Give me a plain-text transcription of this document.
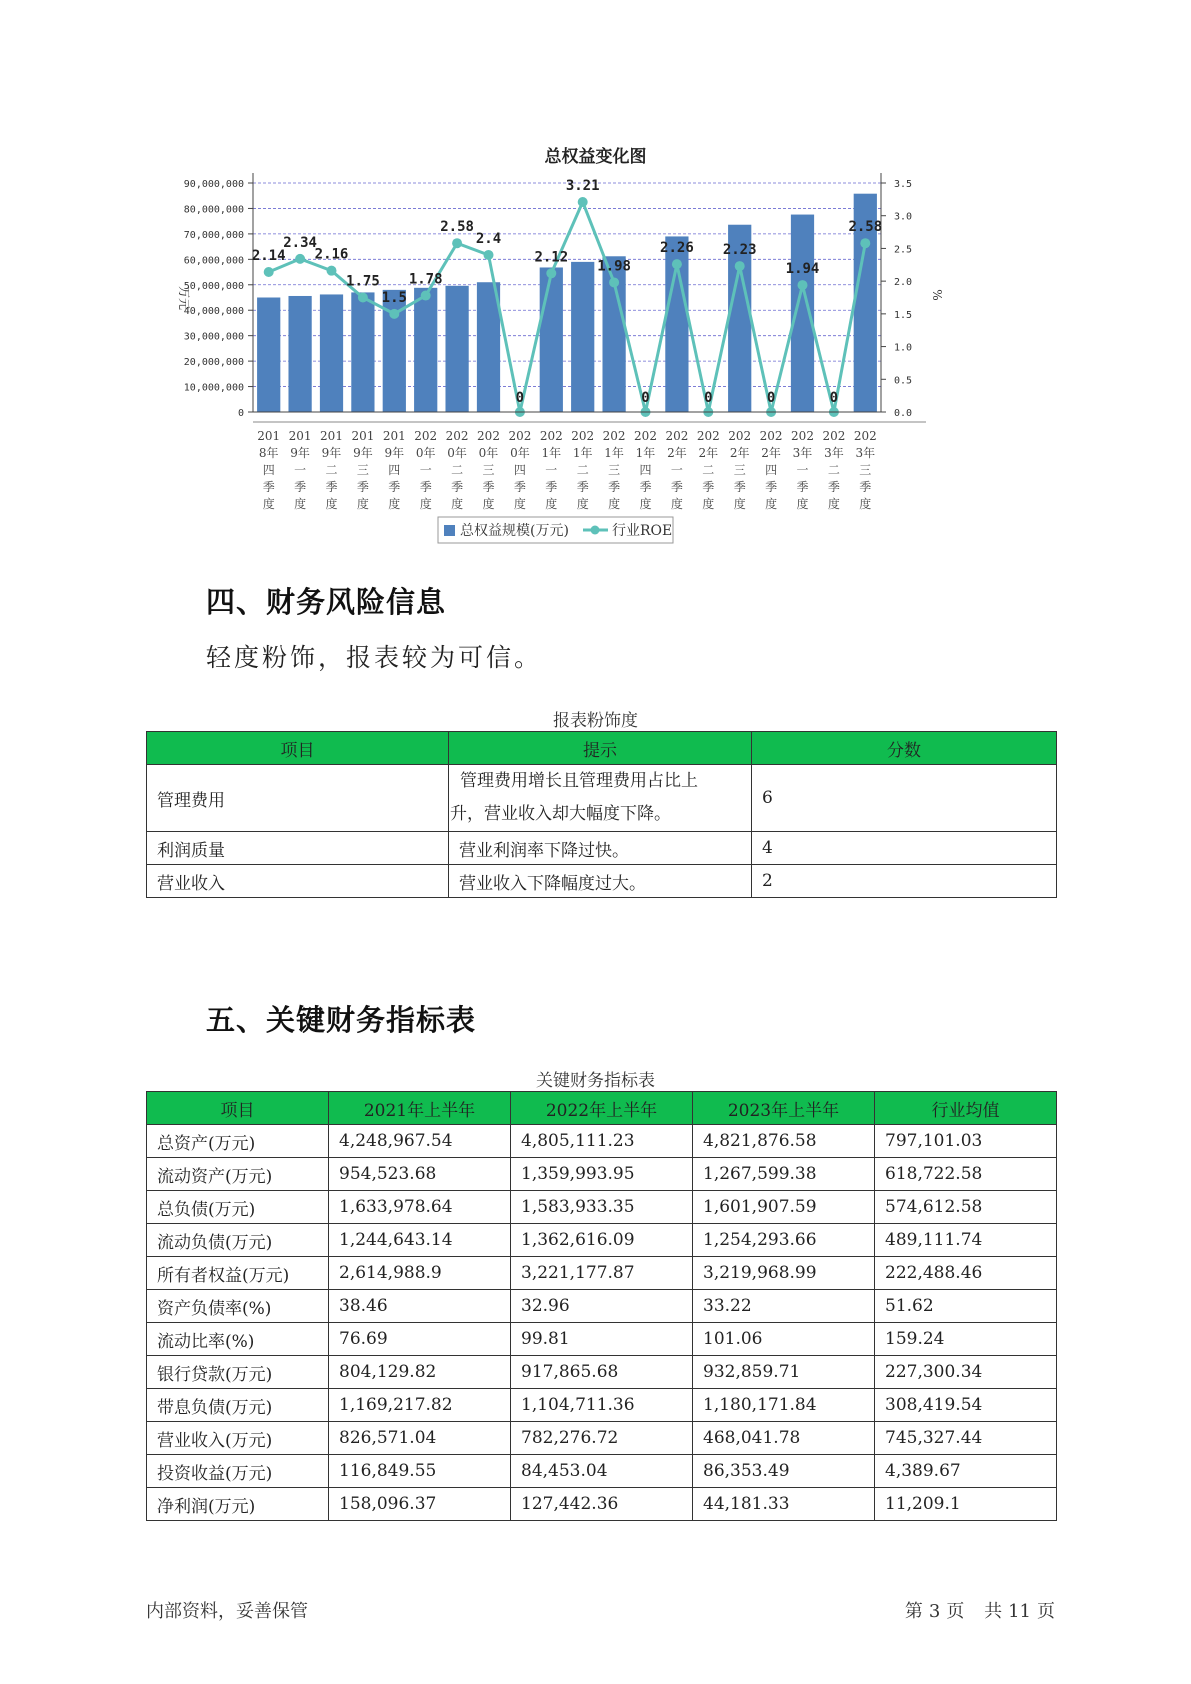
总权益变化图
0
10,000,000
20,000,000
30,000,000
40,000,000
50,000,000
60,000,000
70,000,000
80,000,000
90,000,000
0.0
0.5
1.0
1.5
2.0
2.5
3.0
3.5
万元	%
201
8年
四
季
度
201
9年
一
季
度
201
9年
二
季
度
201
9年
三
季
度
201
9年
四
季
度
202
0年
一
季
度
202
0年
二
季
度
202
0年
三
季
度
202
0年
四
季
度
202
1年
一
季
度
202
1年
二
季
度
202
1年
三
季
度
202
1年
四
季
度
202
2年
一
季
度
202
2年
二
季
度
202
2年
三
季
度
202
2年
四
季
度
202
3年
一
季
度
202
3年
二
季
度
202
3年
三
季
度
2.14
2.34
2.16
1.75
1.5
1.78
2.58
2.4
0
2.12
3.21
1.98
0
2.26
0
2.23
0
1.94
0
2.58
总权益规模(万元)	行业ROE
四、财务风险信息
轻度粉饰，报表较为可信。
报表粉饰度
项目	提示	分数
管理费用	管理费用增长且管理费用占比上
升，营业收入却大幅度下降。	6
利润质量	营业利润率下降过快。	4
营业收入	营业收入下降幅度过大。	2
五、关键财务指标表
关键财务指标表
项目	2021年上半年	2022年上半年	2023年上半年	行业均值
总资产(万元)	4,248,967.54	4,805,111.23	4,821,876.58	797,101.03
流动资产(万元)	954,523.68	1,359,993.95	1,267,599.38	618,722.58
总负债(万元)	1,633,978.64	1,583,933.35	1,601,907.59	574,612.58
流动负债(万元)	1,244,643.14	1,362,616.09	1,254,293.66	489,111.74
所有者权益(万元)	2,614,988.9	3,221,177.87	3,219,968.99	222,488.46
资产负债率(%)	38.46	32.96	33.22	51.62
流动比率(%)	76.69	99.81	101.06	159.24
银行贷款(万元)	804,129.82	917,865.68	932,859.71	227,300.34
带息负债(万元)	1,169,217.82	1,104,711.36	1,180,171.84	308,419.54
营业收入(万元)	826,571.04	782,276.72	468,041.78	745,327.44
投资收益(万元)	116,849.55	84,453.04	86,353.49	4,389.67
净利润(万元)	158,096.37	127,442.36	44,181.33	11,209.1
内部资料，妥善保管	第 3 页 共 11 页
